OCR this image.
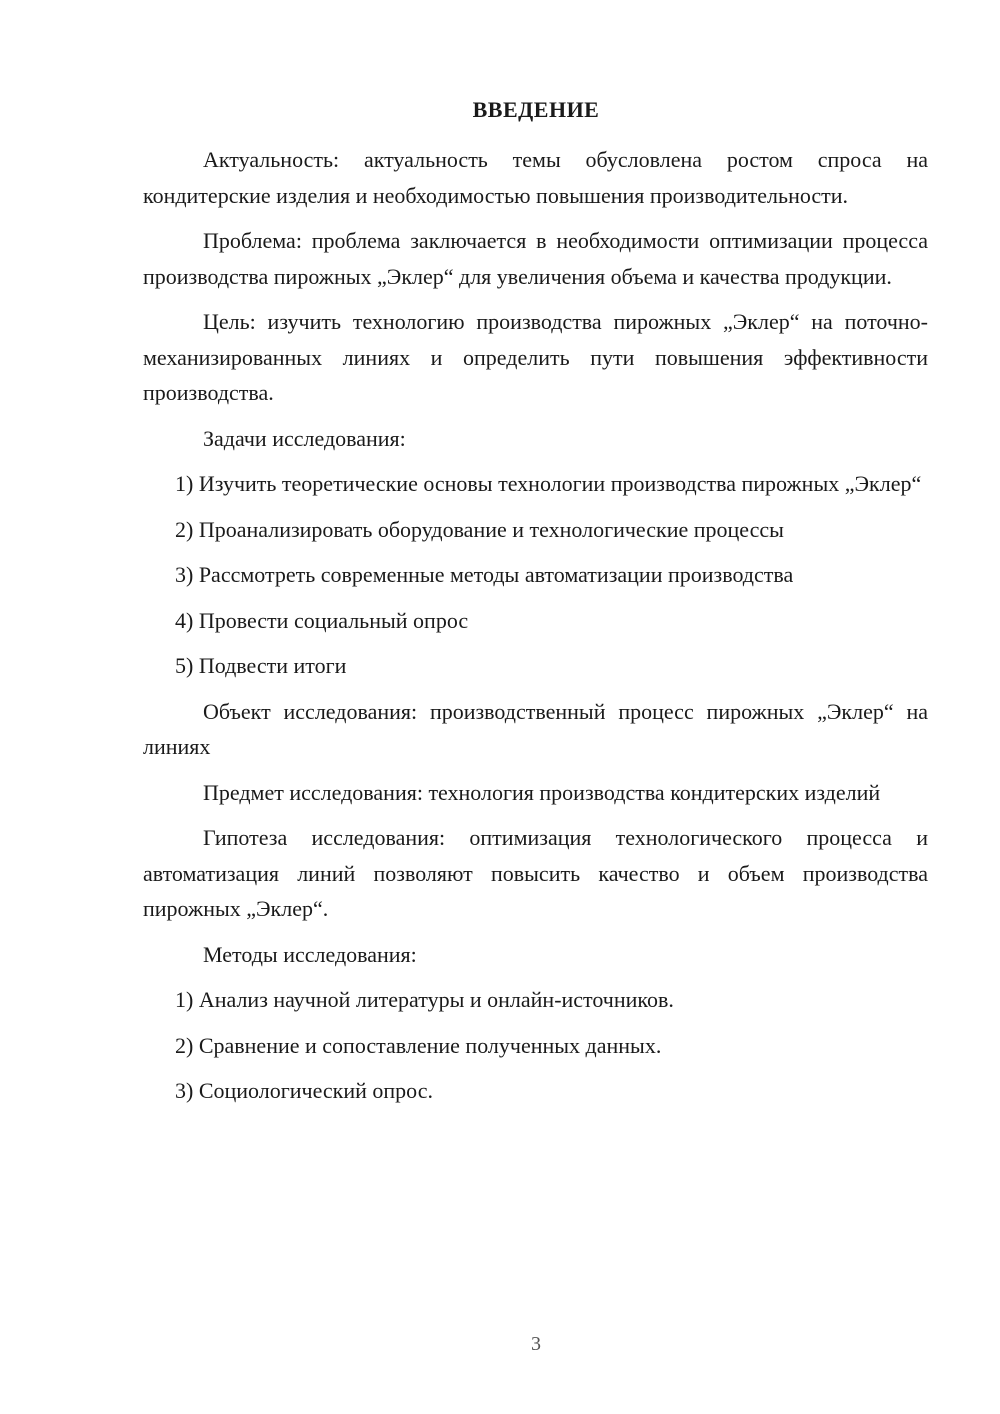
ВВЕДЕНИЕ

Актуальность: актуальность темы обусловлена ростом спроса на кондитерские изделия и необходимостью повышения производительности.

Проблема: проблема заключается в необходимости оптимизации процесса производства пирожных „Эклер“ для увеличения объема и качества продукции.

Цель: изучить технологию производства пирожных „Эклер“ на поточно-механизированных линиях и определить пути повышения эффективности производства.

Задачи исследования:

1) Изучить теоретические основы технологии производства пирожных „Эклер“

2) Проанализировать оборудование и технологические процессы

3) Рассмотреть современные методы автоматизации производства

4) Провести социальный опрос

5) Подвести итоги

Объект исследования: производственный процесс пирожных „Эклер“ на линиях

Предмет исследования: технология производства кондитерских изделий

Гипотеза исследования: оптимизация технологического процесса и автоматизация линий позволяют повысить качество и объем производства пирожных „Эклер“.

Методы исследования:

1) Анализ научной литературы и онлайн-источников.

2) Сравнение и сопоставление полученных данных.

3) Социологический опрос.

3
